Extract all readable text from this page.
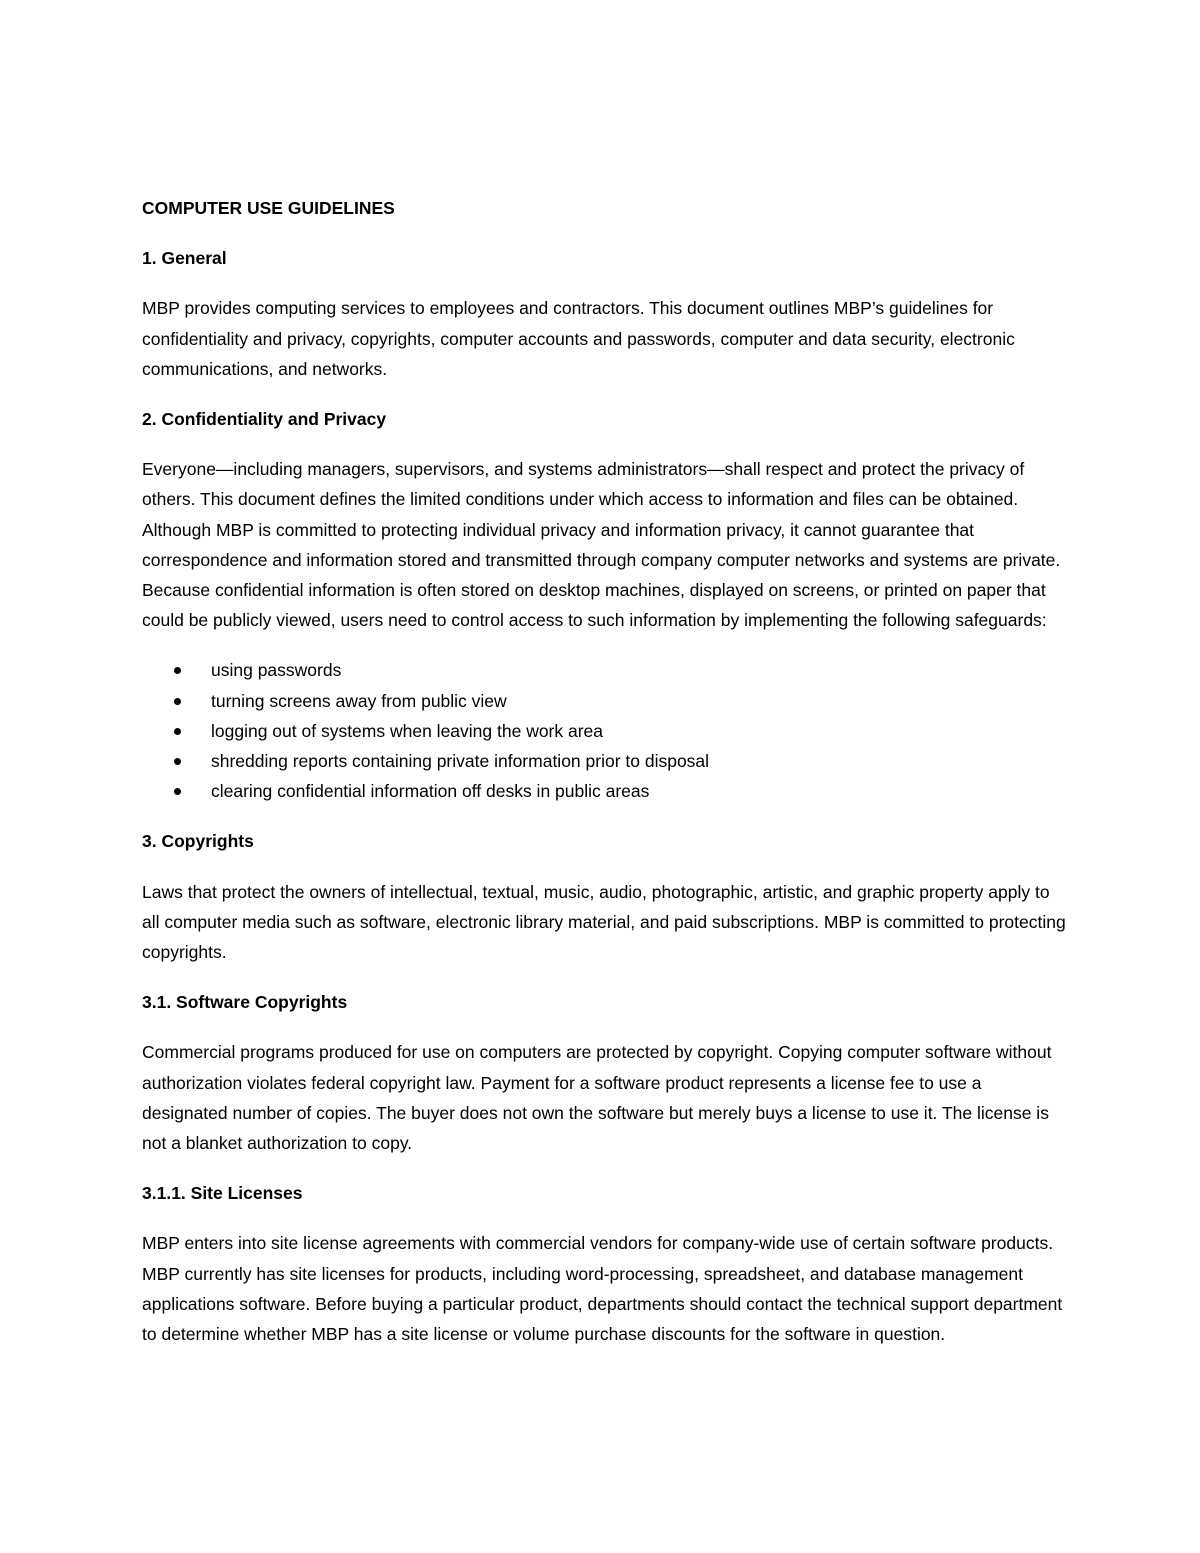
COMPUTER USE GUIDELINES
1. General

MBP provides computing services to employees and contractors. This document outlines MBP’s guidelines for confidentiality and privacy, copyrights, computer accounts and passwords, computer and data security, electronic communications, and networks.

2. Confidentiality and Privacy

Everyone—including managers, supervisors, and systems administrators—shall respect and protect the privacy of others. This document defines the limited conditions under which access to information and files can be obtained. Although MBP is committed to protecting individual privacy and information privacy, it cannot guarantee that correspondence and information stored and transmitted through company computer networks and systems are private. Because confidential information is often stored on desktop machines, displayed on screens, or printed on paper that could be publicly viewed, users need to control access to such information by implementing the following safeguards:

using passwords
turning screens away from public view
logging out of systems when leaving the work area
shredding reports containing private information prior to disposal
clearing confidential information off desks in public areas
3. Copyrights

Laws that protect the owners of intellectual, textual, music, audio, photographic, artistic, and graphic property apply to all computer media such as software, electronic library material, and paid subscriptions. MBP is committed to protecting copyrights.

3.1. Software Copyrights

Commercial programs produced for use on computers are protected by copyright. Copying computer software without authorization violates federal copyright law. Payment for a software product represents a license fee to use a designated number of copies. The buyer does not own the software but merely buys a license to use it. The license is not a blanket authorization to copy.

3.1.1. Site Licenses

MBP enters into site license agreements with commercial vendors for company-wide use of certain software products. MBP currently has site licenses for products, including word-processing, spreadsheet, and database management applications software. Before buying a particular product, departments should contact the technical support department to determine whether MBP has a site license or volume purchase discounts for the software in question.
